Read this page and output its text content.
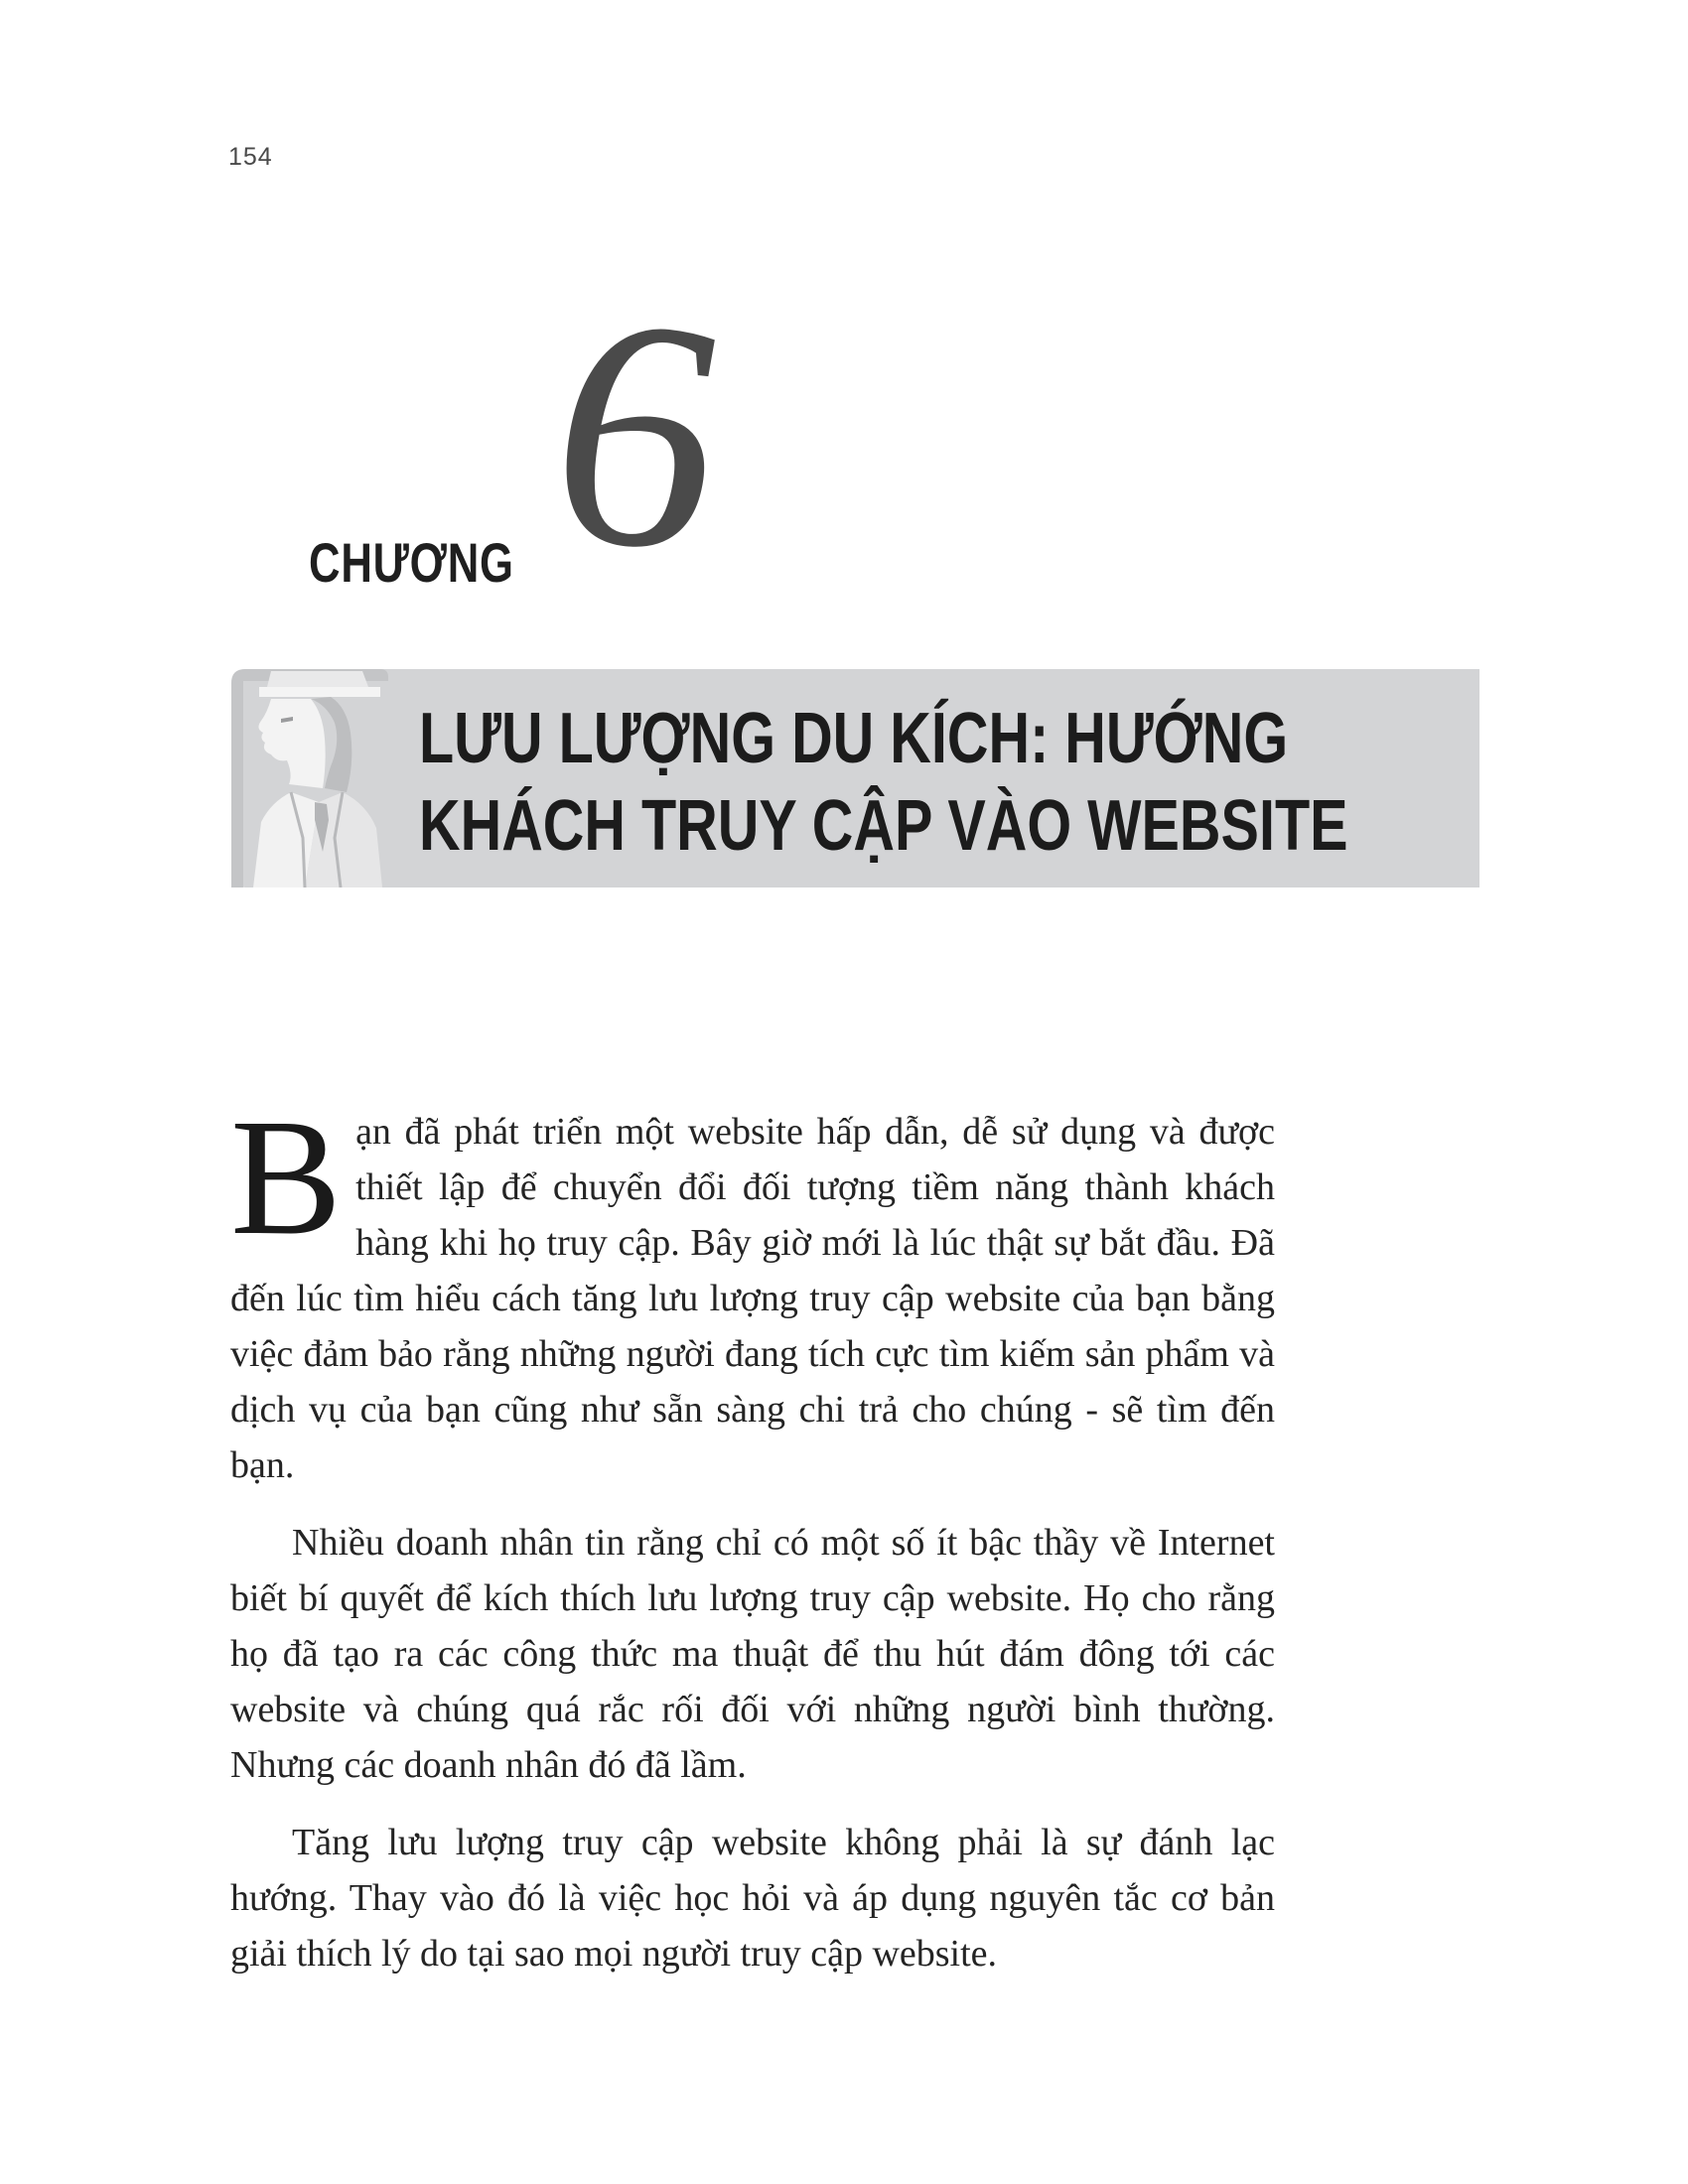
154
CHƯƠNG 6
LƯU LƯỢNG DU KÍCH: HƯỚNG
KHÁCH TRUY CẬP VÀO WEBSITE

Bạn đã phát triển một website hấp dẫn, dễ sử dụng và được thiết lập để chuyển đổi đối tượng tiềm năng thành khách hàng khi họ truy cập. Bây giờ mới là lúc thật sự bắt đầu. Đã đến lúc tìm hiểu cách tăng lưu lượng truy cập website của bạn bằng việc đảm bảo rằng những người đang tích cực tìm kiếm sản phẩm và dịch vụ của bạn cũng như sẵn sàng chi trả cho chúng - sẽ tìm đến bạn.

Nhiều doanh nhân tin rằng chỉ có một số ít bậc thầy về Internet biết bí quyết để kích thích lưu lượng truy cập website. Họ cho rằng họ đã tạo ra các công thức ma thuật để thu hút đám đông tới các website và chúng quá rắc rối đối với những người bình thường. Nhưng các doanh nhân đó đã lầm.

Tăng lưu lượng truy cập website không phải là sự đánh lạc hướng. Thay vào đó là việc học hỏi và áp dụng nguyên tắc cơ bản giải thích lý do tại sao mọi người truy cập website.
